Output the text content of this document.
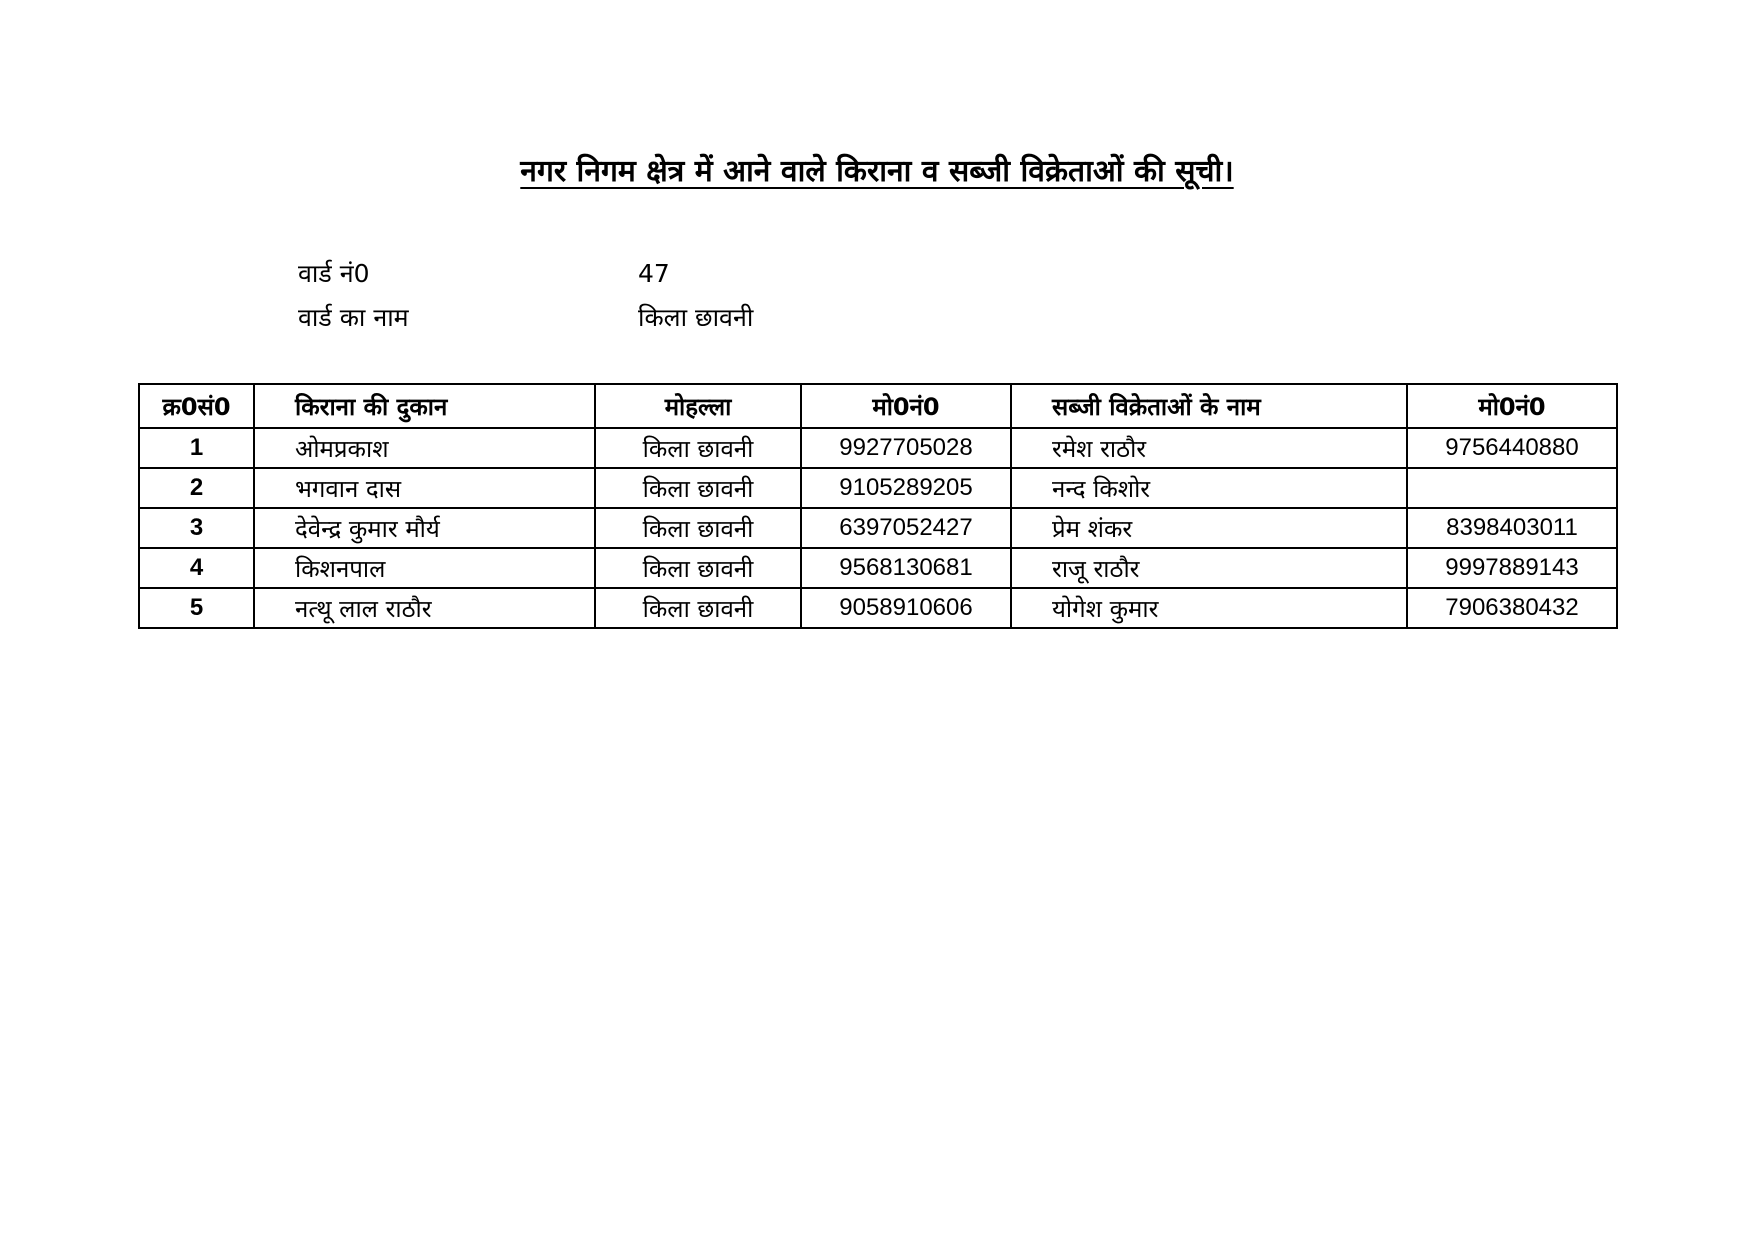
नगर निगम क्षेत्र में आने वाले किराना व सब्जी विक्रेताओं की सूची।
वार्ड नं0	47
वार्ड का नाम	किला छावनी
क्र0सं0	किराना की दुकान	मोहल्ला	मो0नं0	सब्जी विक्रेताओं के नाम	मो0नं0
1	ओमप्रकाश	किला छावनी	9927705028	रमेश राठौर	9756440880
2	भगवान दास	किला छावनी	9105289205	नन्द किशोर	
3	देवेन्द्र कुमार मौर्य	किला छावनी	6397052427	प्रेम शंकर	8398403011
4	किशनपाल	किला छावनी	9568130681	राजू राठौर	9997889143
5	नत्थू लाल राठौर	किला छावनी	9058910606	योगेश कुमार	7906380432
